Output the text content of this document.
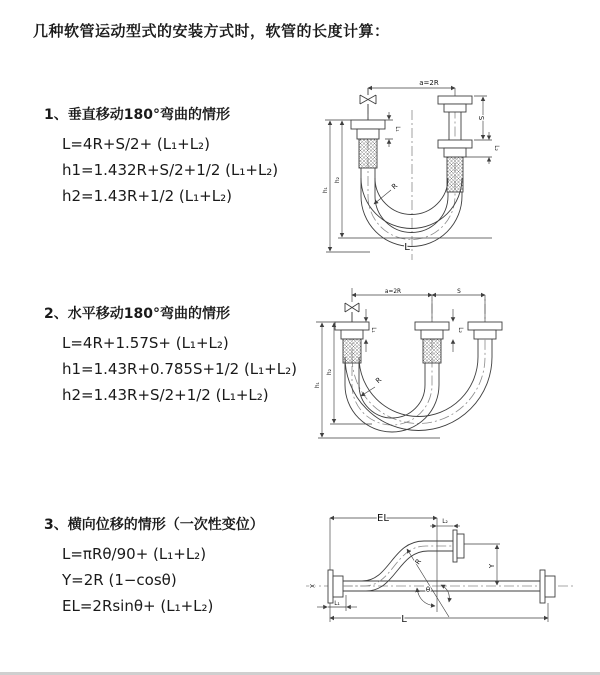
几种软管运动型式的安装方式时，软管的长度计算：
1、垂直移动180°弯曲的情形
L=4R+S/2+ (L₁+L₂)
h1=1.432R+S/2+1/2 (L₁+L₂)
h2=1.43R+1/2 (L₁+L₂)
2、水平移动180°弯曲的情形
L=4R+1.57S+ (L₁+L₂)
h1=1.43R+0.785S+1/2 (L₁+L₂)
h2=1.43R+S/2+1/2 (L₁+L₂)
3、横向位移的情形（一次性变位）
L=πRθ/90+ (L₁+L₂)
Y=2R (1−cosθ)
EL=2Rsinθ+ (L₁+L₂)
a=2R
L₁
S
L₂
R
h₁
h₂
L
a=2R	S
L₁	L₂
R
h₁
h₂
X
EL	L₂
Y
R
θ
L
L₁
